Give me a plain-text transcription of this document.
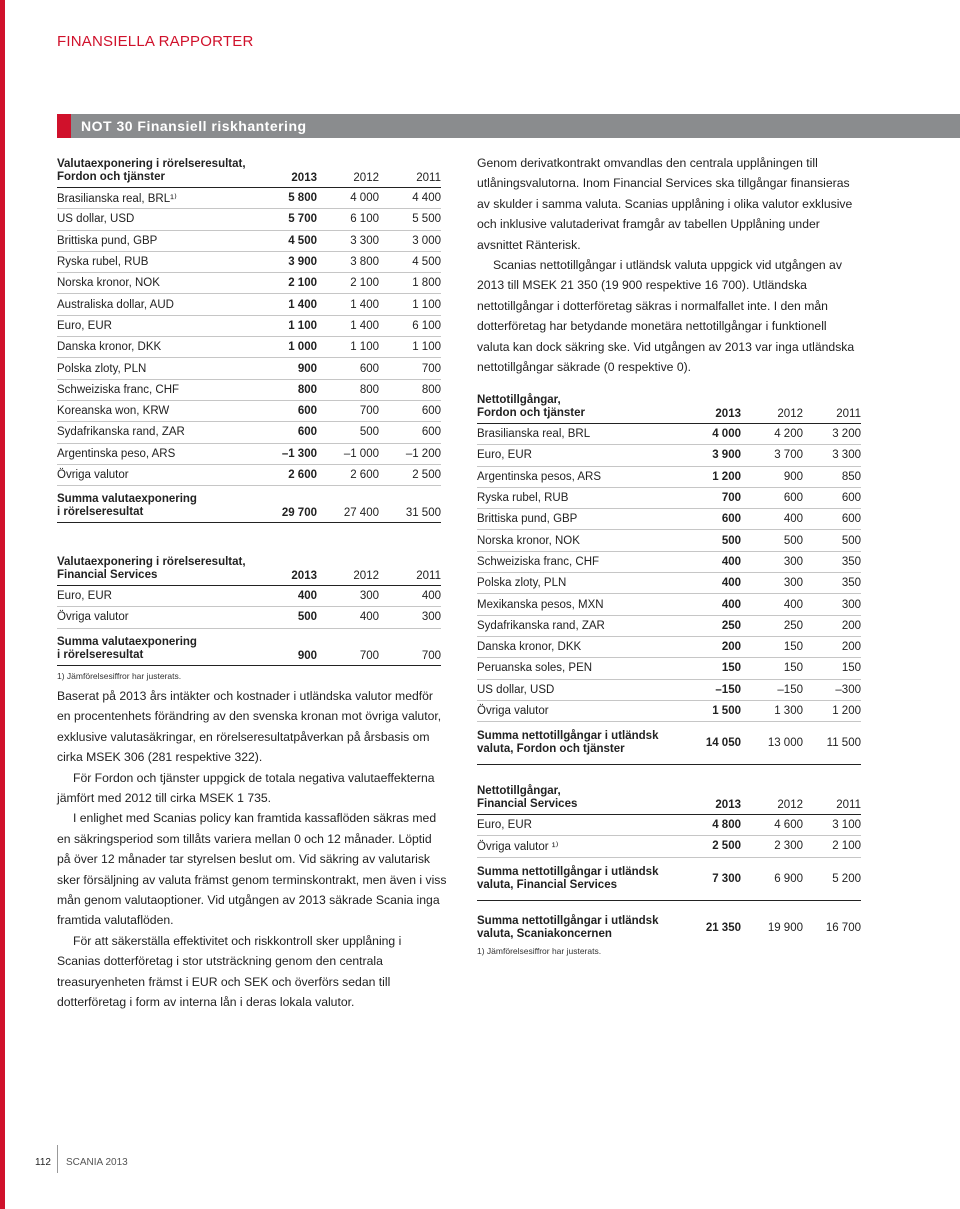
FINANSIELLA RAPPORTER
NOT 30 Finansiell riskhantering
Valutaexponering i rörelseresultat,
Fordon och tjänster	2013	2012	2011
Brasilianska real, BRL¹⁾	5 800	4 000	4 400
US dollar, USD	5 700	6 100	5 500
Brittiska pund, GBP	4 500	3 300	3 000
Ryska rubel, RUB	3 900	3 800	4 500
Norska kronor, NOK	2 100	2 100	1 800
Australiska dollar, AUD	1 400	1 400	1 100
Euro, EUR	1 100	1 400	6 100
Danska kronor, DKK	1 000	1 100	1 100
Polska zloty, PLN	900	600	700
Schweiziska franc, CHF	800	800	800
Koreanska won, KRW	600	700	600
Sydafrikanska rand, ZAR	600	500	600
Argentinska peso, ARS	–1 300	–1 000	–1 200
Övriga valutor	2 600	2 600	2 500
Summa valutaexponering
i rörelseresultat	29 700	27 400	31 500
Valutaexponering i rörelseresultat,
Financial Services	2013	2012	2011
Euro, EUR	400	300	400
Övriga valutor	500	400	300
Summa valutaexponering
i rörelseresultat	900	700	700
1) Jämförelsesiffror har justerats.

Baserat på 2013 års intäkter och kostnader i utländska valutor medför en procentenhets förändring av den svenska kronan mot övriga valutor, exklusive valutasäkringar, en rörelseresultatpåverkan på årsbasis om cirka MSEK 306 (281 respektive 322).

För Fordon och tjänster uppgick de totala negativa valutaeffekterna jämfört med 2012 till cirka MSEK 1 735.

I enlighet med Scanias policy kan framtida kassaflöden säkras med en säkringsperiod som tillåts variera mellan 0 och 12 månader. Löptid på över 12 månader tar styrelsen beslut om. Vid säkring av valutarisk sker försäljning av valuta främst genom terminskontrakt, men även i viss mån genom valutaoptioner. Vid utgången av 2013 säkrade Scania inga framtida valutaflöden.

För att säkerställa effektivitet och riskkontroll sker upplåning i Scanias dotterföretag i stor utsträckning genom den centrala treasuryenheten främst i EUR och SEK och överförs sedan till dotterföretag i form av interna lån i deras lokala valutor.

Genom derivatkontrakt omvandlas den centrala upplåningen till utlåningsvalutorna. Inom Financial Services ska tillgångar finansieras av skulder i samma valuta. Scanias upplåning i olika valutor exklusive och inklusive valutaderivat framgår av tabellen Upplåning under avsnittet Ränterisk.

Scanias nettotillgångar i utländsk valuta uppgick vid utgången av 2013 till MSEK 21 350 (19 900 respektive 16 700). Utländska nettotillgångar i dotterföretag säkras i normalfallet inte. I den mån dotterföretag har betydande monetära nettotillgångar i funktionell valuta kan dock säkring ske. Vid utgången av 2013 var inga utländska nettotillgångar säkrade (0 respektive 0).

Nettotillgångar,
Fordon och tjänster	2013	2012	2011
Brasilianska real, BRL	4 000	4 200	3 200
Euro, EUR	3 900	3 700	3 300
Argentinska pesos, ARS	1 200	900	850
Ryska rubel, RUB	700	600	600
Brittiska pund, GBP	600	400	600
Norska kronor, NOK	500	500	500
Schweiziska franc, CHF	400	300	350
Polska zloty, PLN	400	300	350
Mexikanska pesos, MXN	400	400	300
Sydafrikanska rand, ZAR	250	250	200
Danska kronor, DKK	200	150	200
Peruanska soles, PEN	150	150	150
US dollar, USD	–150	–150	–300
Övriga valutor	1 500	1 300	1 200
Summa nettotillgångar i utländsk
valuta, Fordon och tjänster	14 050	13 000	11 500
Nettotillgångar,
Financial Services	2013	2012	2011
Euro, EUR	4 800	4 600	3 100
Övriga valutor ¹⁾	2 500	2 300	2 100
Summa nettotillgångar i utländsk
valuta, Financial Services	7 300	6 900	5 200
Summa nettotillgångar i utländsk
valuta, Scaniakoncernen	21 350	19 900	16 700
1) Jämförelsesiffror har justerats.
112 SCANIA 2013
